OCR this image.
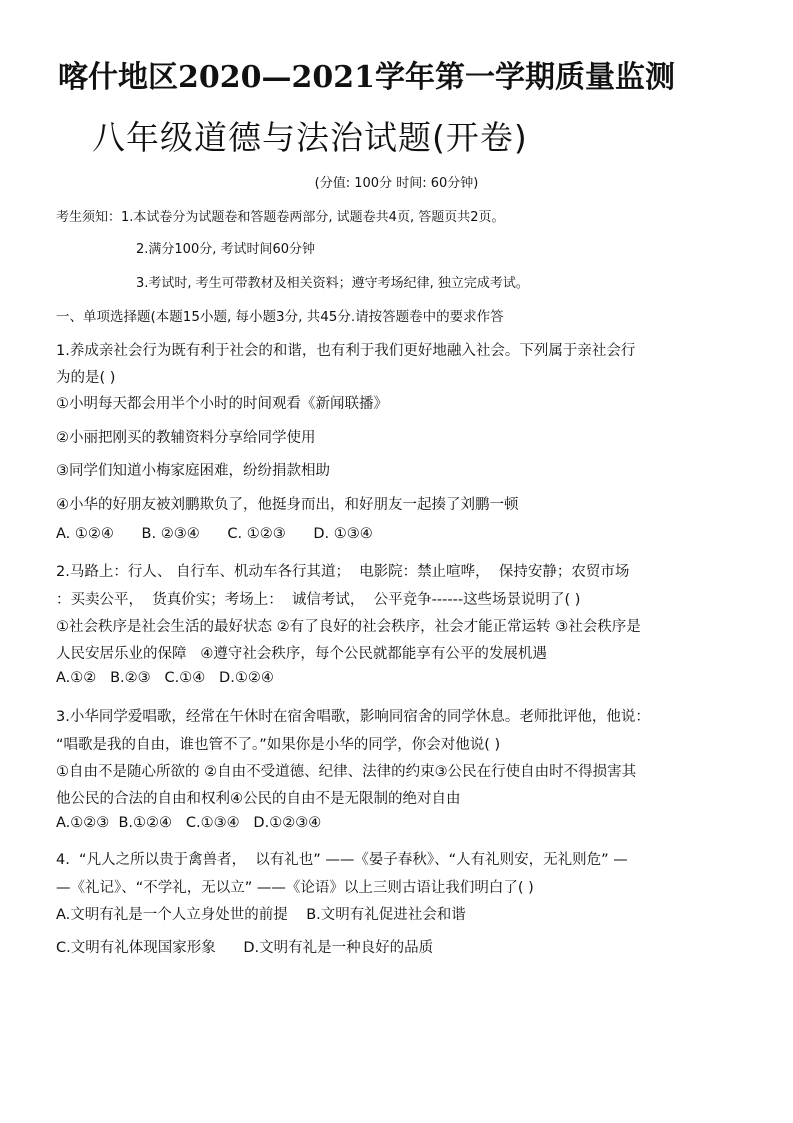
喀什地区2020—2021学年第一学期质量监测
八年级道德与法治试题(开卷)
(分值: 100分 时间: 60分钟)
考生须知：1.本试卷分为试题卷和答题卷两部分, 试题卷共4页, 答题页共2页。
2.满分100分, 考试时间60分钟
3.考试时, 考生可带教材及相关资料；遵守考场纪律, 独立完成考试。
一、单项选择题(本题15小题, 每小题3分, 共45分.请按答题卷中的要求作答
1.养成亲社会行为既有利于社会的和谐，也有利于我们更好地融入社会。下列属于亲社会行
为的是( )
①小明每天都会用半个小时的时间观看《新闻联播》
②小丽把刚买的教辅资料分享给同学使用
③同学们知道小梅家庭困难，纷纷捐款相助
④小华的好朋友被刘鹏欺负了，他挺身而出，和好朋友一起揍了刘鹏一顿
A. ①②④      B. ②③④      C. ①②③      D. ①③④
2.马路上：行人、 自行车、机动车各行其道；  电影院：禁止喧哗，  保持安静；农贸市场
：买卖公平，  货真价实；考场上：  诚信考试，  公平竞争------这些场景说明了( )
①社会秩序是社会生活的最好状态 ②有了良好的社会秩序，社会才能正常运转 ③社会秩序是
人民安居乐业的保障   ④遵守社会秩序，每个公民就都能享有公平的发展机遇
A.①②   B.②③   C.①④   D.①②④
3.小华同学爱唱歌，经常在午休时在宿舍唱歌，影响同宿舍的同学休息。老师批评他，他说：
“唱歌是我的自由，谁也管不了。”如果你是小华的同学，你会对他说( )
①自由不是随心所欲的 ②自由不受道德、纪律、法律的约束③公民在行使自由时不得损害其
他公民的合法的自由和权利④公民的自由不是无限制的绝对自由
A.①②③  B.①②④   C.①③④   D.①②③④
4.  “凡人之所以贵于禽兽者，  以有礼也” ——《晏子春秋》、“人有礼则安，无礼则危” —
—《礼记》、“不学礼，无以立” ——《论语》以上三则古语让我们明白了( )
A.文明有礼是一个人立身处世的前提    B.文明有礼促进社会和谐
C.文明有礼体现国家形象      D.文明有礼是一种良好的品质
